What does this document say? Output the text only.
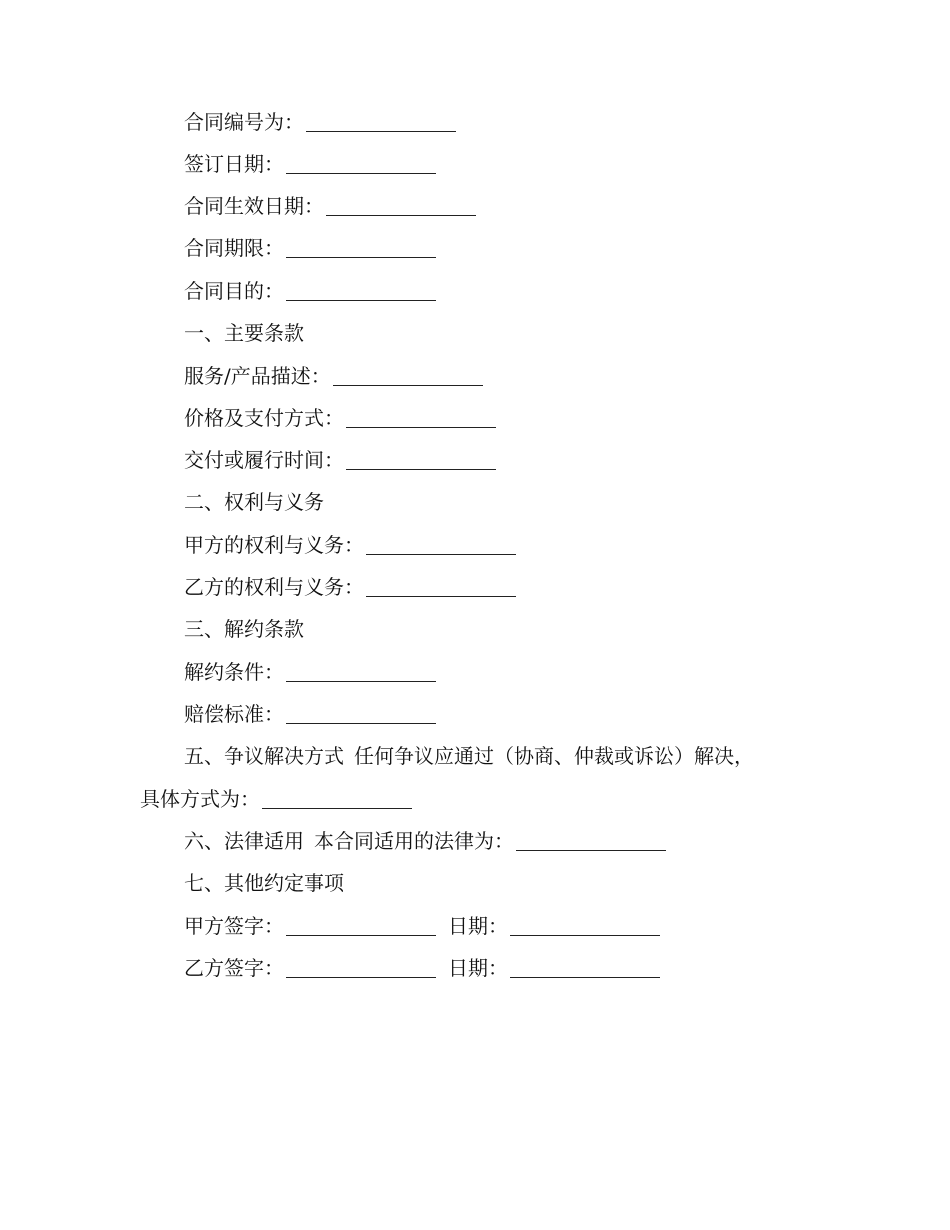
合同编号为：
签订日期：
合同生效日期：
合同期限：
合同目的：
一、主要条款
服务/产品描述：
价格及支付方式：
交付或履行时间：
二、权利与义务
甲方的权利与义务：
乙方的权利与义务：
三、解约条款
解约条件：
赔偿标准：
五、争议解决方式 任何争议应通过（协商、仲裁或诉讼）解决，
具体方式为：
六、法律适用 本合同适用的法律为：
七、其他约定事项
甲方签字：	日期：
乙方签字：	日期：
